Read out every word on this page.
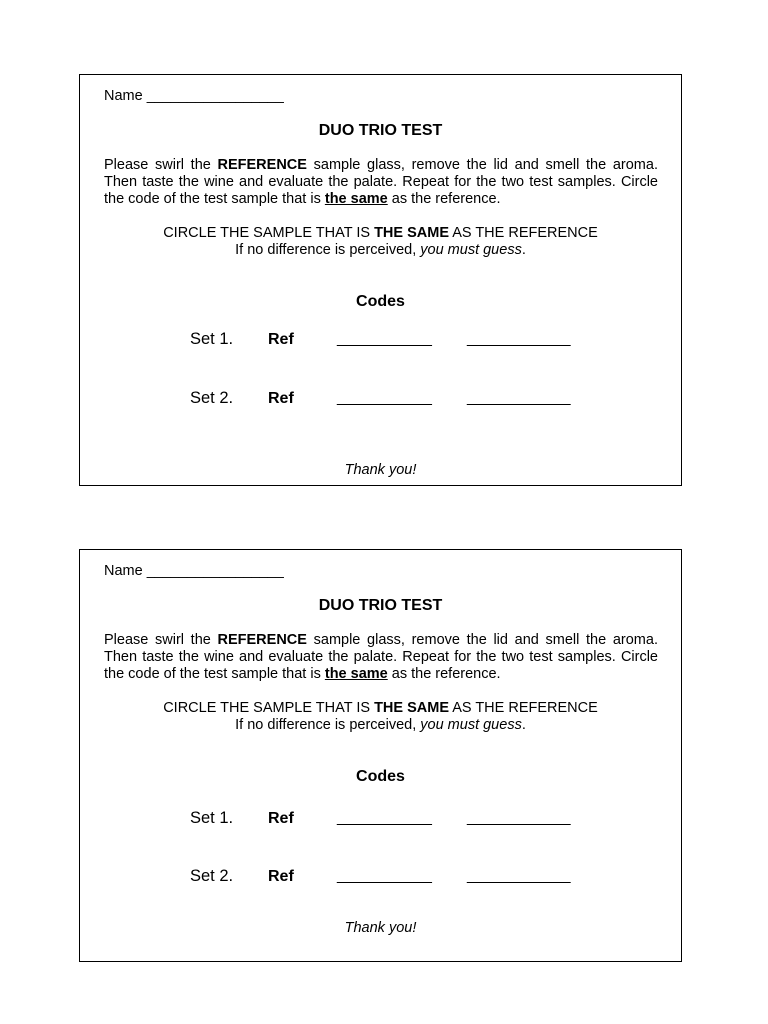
Name _________________
DUO TRIO TEST
Please swirl the REFERENCE sample glass, remove the lid and smell the aroma. Then taste the wine and evaluate the palate. Repeat for the two test samples. Circle the code of the test sample that is the same as the reference.
CIRCLE THE SAMPLE THAT IS THE SAME AS THE REFERENCE
If no difference is perceived, you must guess.
Codes
Set 1. Ref	___________ ____________
Set 2. Ref	___________ ____________
Thank you!
Name _________________
DUO TRIO TEST
Please swirl the REFERENCE sample glass, remove the lid and smell the aroma. Then taste the wine and evaluate the palate. Repeat for the two test samples. Circle the code of the test sample that is the same as the reference.
CIRCLE THE SAMPLE THAT IS THE SAME AS THE REFERENCE
If no difference is perceived, you must guess.
Codes
Set 1. Ref	___________ ____________
Set 2. Ref	___________ ____________
Thank you!
